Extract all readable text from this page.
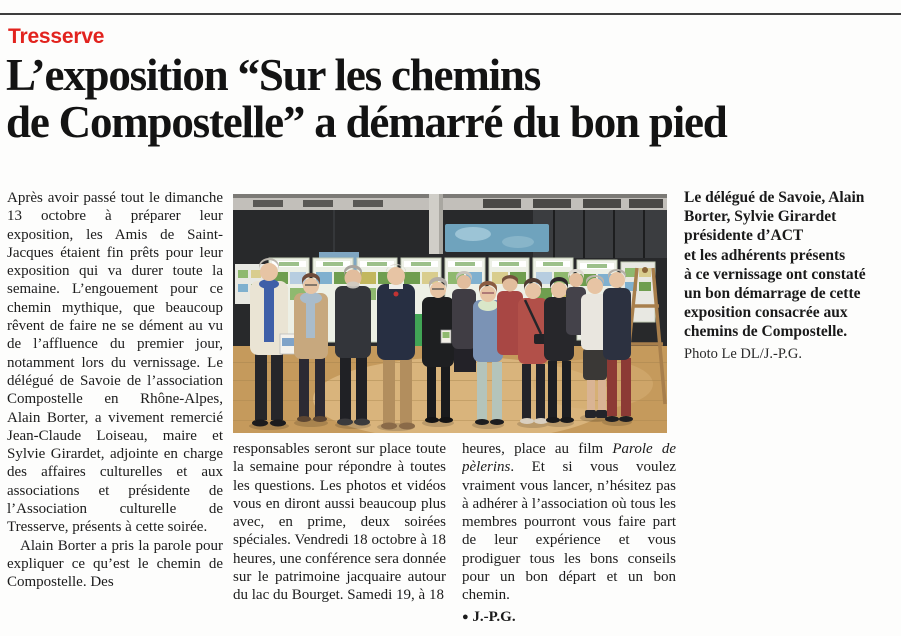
Tresserve
L’exposition “Sur les chemins
de Compostelle” a démarré du bon pied

Après avoir passé tout le dimanche 13 octobre à préparer leur exposition, les Amis de Saint-Jacques étaient fin prêts pour leur exposition qui va durer toute la semaine. L’engouement pour ce chemin mythique, que beaucoup rêvent de faire ne se dément au vu de l’affluence du premier jour, notamment lors du vernissage. Le délégué de Savoie de l’association Compostelle en Rhône-Alpes, Alain Borter, a vivement remercié Jean-Claude Loiseau, maire et Sylvie Girardet, adjointe en charge des affaires culturelles et aux associations et présidente de l’Association culturelle de Tresserve, présents à cette soirée.

Alain Borter a pris la parole pour expliquer ce qu’est le chemin de Compostelle. Des

responsables seront sur place toute la semaine pour répondre à toutes les questions. Les photos et vidéos vous en diront aussi beaucoup plus avec, en prime, deux soirées spéciales. Vendredi 18 octobre à 18 heures, une conférence sera donnée sur le patrimoine jacquaire autour du lac du Bourget. Samedi 19, à 18

heures, place au film Parole de pèlerins. Et si vous voulez vraiment vous lancer, n’hésitez pas à adhérer à l’association où tous les membres pourront vous faire part de leur expérience et vous prodiguer tous les bons conseils pour un bon départ et un bon chemin.

● J.-P.G.
Le délégué de Savoie, Alain
Borter, Sylvie Girardet
présidente d’ACT
et les adhérents présents
à ce vernissage ont constaté
un bon démarrage de cette
exposition consacrée aux
chemins de Compostelle.
Photo Le DL/J.-P.G.
